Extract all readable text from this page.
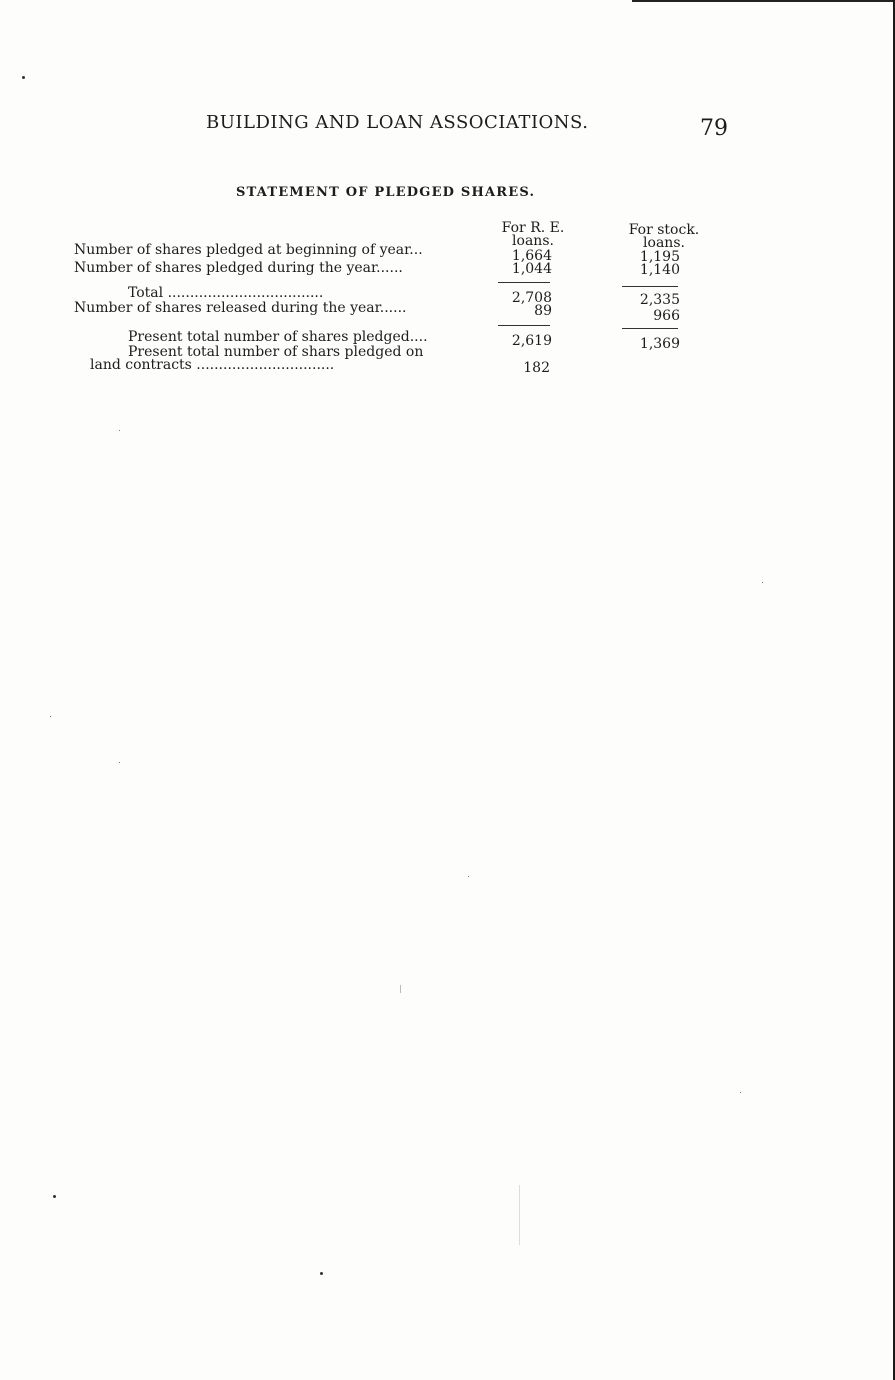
BUILDING AND LOAN ASSOCIATIONS.	79
STATEMENT OF PLEDGED SHARES.
For R. E.
loans.
For stock.
loans.
Number of shares pledged at beginning of year...	1,664	1,195
Number of shares pledged during the year......	1,044	1,140
Total ...................................	2,708	2,335
Number of shares released during the year......	89	966
Present total number of shares pledged....	2,619	1,369
Present total number of shars pledged on
land contracts ...............................	182
